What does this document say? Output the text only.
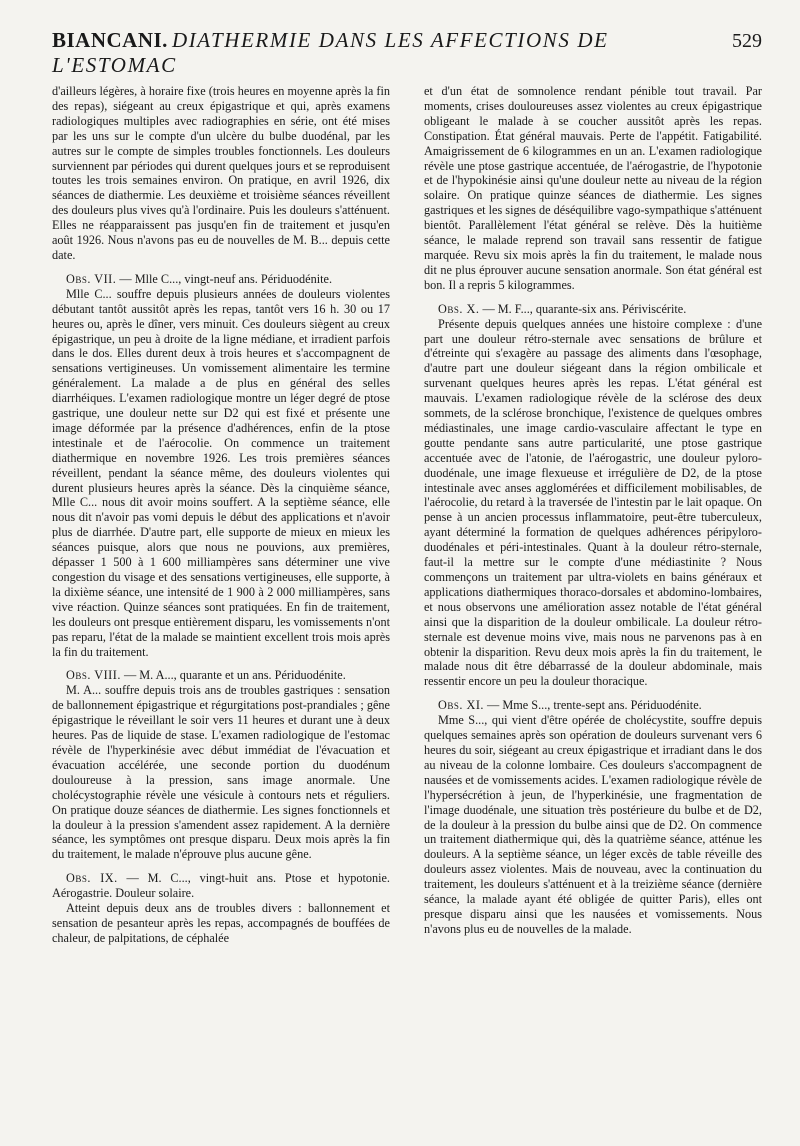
BIANCANI. DIATHERMIE DANS LES AFFECTIONS DE L'ESTOMAC
529

d'ailleurs légères, à horaire fixe (trois heures en moyenne après la fin des repas), siégeant au creux épigastrique et qui, après examens radiologiques multiples avec radiographies en série, ont été mises par les uns sur le compte d'un ulcère du bulbe duodénal, par les autres sur le compte de simples troubles fonctionnels. Les douleurs surviennent par périodes qui durent quelques jours et se reproduisent toutes les trois semaines environ. On pratique, en avril 1926, dix séances de diathermie. Les deuxième et troisième séances réveillent des douleurs plus vives qu'à l'ordinaire. Puis les douleurs s'atténuent. Elles ne réapparaissent pas jusqu'en fin de traitement et jusqu'en août 1926. Nous n'avons pas eu de nouvelles de M. B... depuis cette date.

Obs. VII. — Mlle C..., vingt-neuf ans. Périduodénite.

Mlle C... souffre depuis plusieurs années de douleurs violentes débutant tantôt aussitôt après les repas, tantôt vers 16 h. 30 ou 17 heures ou, après le dîner, vers minuit. Ces douleurs siègent au creux épigastrique, un peu à droite de la ligne médiane, et irradient parfois dans le dos. Elles durent deux à trois heures et s'accompagnent de sensations vertigineuses. Un vomissement alimentaire les termine généralement. La malade a de plus en général des selles diarrhéiques. L'examen radiologique montre un léger degré de ptose gastrique, une douleur nette sur D2 qui est fixé et présente une image déformée par la présence d'adhérences, enfin de la ptose intestinale et de l'aérocolie. On commence un traitement diathermique en novembre 1926. Les trois premières séances réveillent, pendant la séance même, des douleurs violentes qui durent plusieurs heures après la séance. Dès la cinquième séance, Mlle C... nous dit avoir moins souffert. A la septième séance, elle nous dit n'avoir pas vomi depuis le début des applications et n'avoir plus de diarrhée. D'autre part, elle supporte de mieux en mieux les séances puisque, alors que nous ne pouvions, aux premières, dépasser 1 500 à 1 600 milliampères sans déterminer une vive congestion du visage et des sensations vertigineuses, elle supporte, à la dixième séance, une intensité de 1 900 à 2 000 milliampères, sans vive réaction. Quinze séances sont pratiquées. En fin de traitement, les douleurs ont presque entièrement disparu, les vomissements n'ont pas reparu, l'état de la malade se maintient excellent trois mois après la fin du traitement.

Obs. VIII. — M. A..., quarante et un ans. Périduodénite.

M. A... souffre depuis trois ans de troubles gastriques : sensation de ballonnement épigastrique et régurgitations post-prandiales ; gêne épigastrique le réveillant le soir vers 11 heures et durant une à deux heures. Pas de liquide de stase. L'examen radiologique de l'estomac révèle de l'hyperkinésie avec début immédiat de l'évacuation et évacuation accélérée, une seconde portion du duodénum douloureuse à la pression, sans image anormale. Une cholécystographie révèle une vésicule à contours nets et réguliers. On pratique douze séances de diathermie. Les signes fonctionnels et la douleur à la pression s'amendent assez rapidement. A la dernière séance, les symptômes ont presque disparu. Deux mois après la fin du traitement, le malade n'éprouve plus aucune gêne.

Obs. IX. — M. C..., vingt-huit ans. Ptose et hypotonie. Aérogastrie. Douleur solaire.

Atteint depuis deux ans de troubles divers : ballonnement et sensation de pesanteur après les repas, accompagnés de bouffées de chaleur, de palpitations, de céphalée

et d'un état de somnolence rendant pénible tout travail. Par moments, crises douloureuses assez violentes au creux épigastrique obligeant le malade à se coucher aussitôt après les repas. Constipation. État général mauvais. Perte de l'appétit. Fatigabilité. Amaigrissement de 6 kilogrammes en un an. L'examen radiologique révèle une ptose gastrique accentuée, de l'aérogastrie, de l'hypotonie et de l'hypokinésie ainsi qu'une douleur nette au niveau de la région solaire. On pratique quinze séances de diathermie. Les signes gastriques et les signes de déséquilibre vago-sympathique s'atténuent bientôt. Parallèlement l'état général se relève. Dès la huitième séance, le malade reprend son travail sans ressentir de fatigue marquée. Revu six mois après la fin du traitement, le malade nous dit ne plus éprouver aucune sensation anormale. Son état général est bon. Il a repris 5 kilogrammes.

Obs. X. — M. F..., quarante-six ans. Périviscérite.

Présente depuis quelques années une histoire complexe : d'une part une douleur rétro-sternale avec sensations de brûlure et d'étreinte qui s'exagère au passage des aliments dans l'œsophage, d'autre part une douleur siégeant dans la région ombilicale et survenant quelques heures après les repas. L'état général est mauvais. L'examen radiologique révèle de la sclérose des deux sommets, de la sclérose bronchique, l'existence de quelques ombres médiastinales, une image cardio-vasculaire affectant le type en goutte pendante sans autre particularité, une ptose gastrique accentuée avec de l'atonie, de l'aérogastric, une douleur pyloro-duodénale, une image flexueuse et irrégulière de D2, de la ptose intestinale avec anses agglomérées et difficilement mobilisables, de l'aérocolie, du retard à la traversée de l'intestin par le lait opaque. On pense à un ancien processus inflammatoire, peut-être tuberculeux, ayant déterminé la formation de quelques adhérences péripyloro-duodénales et péri-intestinales. Quant à la douleur rétro-sternale, faut-il la mettre sur le compte d'une médiastinite ? Nous commençons un traitement par ultra-violets en bains généraux et applications diathermiques thoraco-dorsales et abdomino-lombaires, et nous observons une amélioration assez notable de l'état général ainsi que la disparition de la douleur ombilicale. La douleur rétro-sternale est devenue moins vive, mais nous ne parvenons pas à en obtenir la disparition. Revu deux mois après la fin du traitement, le malade nous dit être débarrassé de la douleur abdominale, mais ressentir encore un peu la douleur thoracique.

Obs. XI. — Mme S..., trente-sept ans. Périduodénite.

Mme S..., qui vient d'être opérée de cholécystite, souffre depuis quelques semaines après son opération de douleurs survenant vers 6 heures du soir, siégeant au creux épigastrique et irradiant dans le dos au niveau de la colonne lombaire. Ces douleurs s'accompagnent de nausées et de vomissements acides. L'examen radiologique révèle de l'hypersécrétion à jeun, de l'hyperkinésie, une fragmentation de l'image duodénale, une situation très postérieure du bulbe et de D2, de la douleur à la pression du bulbe ainsi que de D2. On commence un traitement diathermique qui, dès la quatrième séance, atténue les douleurs. A la septième séance, un léger excès de table réveille des douleurs assez violentes. Mais de nouveau, avec la continuation du traitement, les douleurs s'atténuent et à la treizième séance (dernière séance, la malade ayant été obligée de quitter Paris), elles ont presque disparu ainsi que les nausées et vomissements. Nous n'avons plus eu de nouvelles de la malade.
